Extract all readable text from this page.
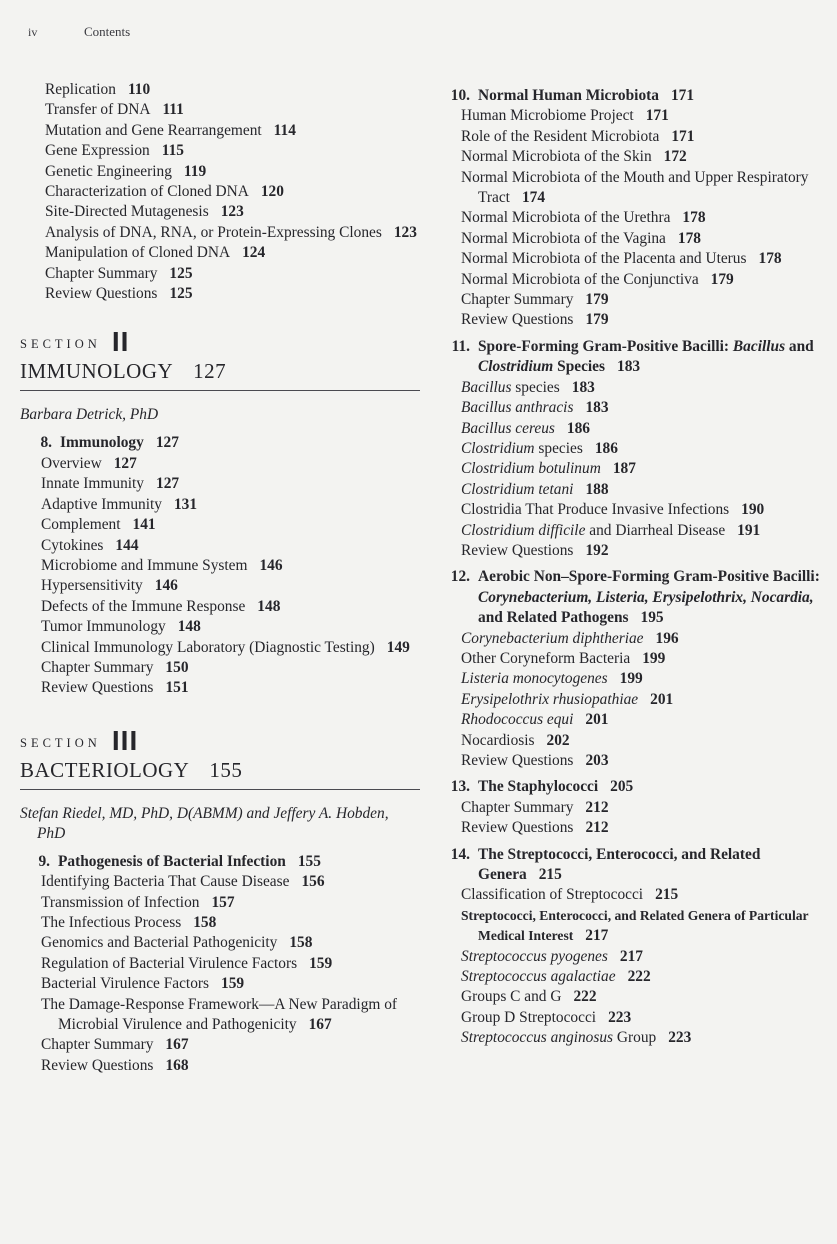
iv	Contents
Replication 110
Transfer of DNA 111
Mutation and Gene Rearrangement 114
Gene Expression 115
Genetic Engineering 119
Characterization of Cloned DNA 120
Site-Directed Mutagenesis 123
Analysis of DNA, RNA, or Protein-Expressing Clones 123
Manipulation of Cloned DNA 124
Chapter Summary 125
Review Questions 125
SECTION II
IMMUNOLOGY 127
Barbara Detrick, PhD
8. Immunology 127
Overview 127
Innate Immunity 127
Adaptive Immunity 131
Complement 141
Cytokines 144
Microbiome and Immune System 146
Hypersensitivity 146
Defects of the Immune Response 148
Tumor Immunology 148
Clinical Immunology Laboratory (Diagnostic Testing) 149
Chapter Summary 150
Review Questions 151
SECTION III
BACTERIOLOGY 155
Stefan Riedel, MD, PhD, D(ABMM) and Jeffery A. Hobden, PhD
9. Pathogenesis of Bacterial Infection 155
Identifying Bacteria That Cause Disease 156
Transmission of Infection 157
The Infectious Process 158
Genomics and Bacterial Pathogenicity 158
Regulation of Bacterial Virulence Factors 159
Bacterial Virulence Factors 159
The Damage-Response Framework—A New Paradigm of Microbial Virulence and Pathogenicity 167
Chapter Summary 167
Review Questions 168
10. Normal Human Microbiota 171
Human Microbiome Project 171
Role of the Resident Microbiota 171
Normal Microbiota of the Skin 172
Normal Microbiota of the Mouth and Upper Respiratory Tract 174
Normal Microbiota of the Urethra 178
Normal Microbiota of the Vagina 178
Normal Microbiota of the Placenta and Uterus 178
Normal Microbiota of the Conjunctiva 179
Chapter Summary 179
Review Questions 179
11. Spore-Forming Gram-Positive Bacilli: Bacillus and Clostridium Species 183
Bacillus species 183
Bacillus anthracis 183
Bacillus cereus 186
Clostridium species 186
Clostridium botulinum 187
Clostridium tetani 188
Clostridia That Produce Invasive Infections 190
Clostridium difficile and Diarrheal Disease 191
Review Questions 192
12. Aerobic Non–Spore-Forming Gram-Positive Bacilli: Corynebacterium, Listeria, Erysipelothrix, Nocardia, and Related Pathogens 195
Corynebacterium diphtheriae 196
Other Coryneform Bacteria 199
Listeria monocytogenes 199
Erysipelothrix rhusiopathiae 201
Rhodococcus equi 201
Nocardiosis 202
Review Questions 203
13. The Staphylococci 205
Chapter Summary 212
Review Questions 212
14. The Streptococci, Enterococci, and Related Genera 215
Classification of Streptococci 215
Streptococci, Enterococci, and Related Genera of Particular Medical Interest 217
Streptococcus pyogenes 217
Streptococcus agalactiae 222
Groups C and G 222
Group D Streptococci 223
Streptococcus anginosus Group 223
